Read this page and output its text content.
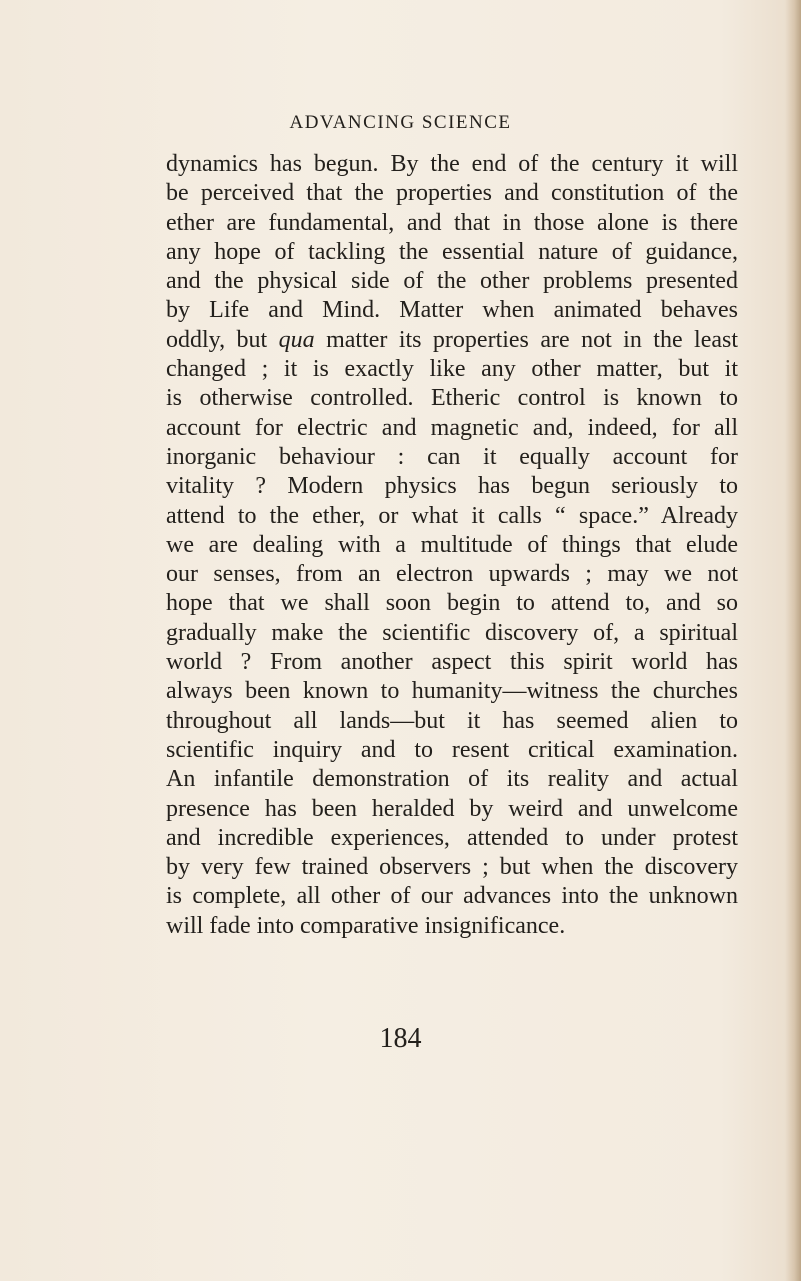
ADVANCING SCIENCE
dynamics has begun. By the end of the century it will
be perceived that the properties and constitution of the
ether are fundamental, and that in those alone is there
any hope of tackling the essential nature of guidance,
and the physical side of the other problems presented
by Life and Mind. Matter when animated behaves
oddly, but qua matter its properties are not in the least
changed ; it is exactly like any other matter, but it
is otherwise controlled. Etheric control is known to
account for electric and magnetic and, indeed, for all
inorganic behaviour : can it equally account for
vitality ? Modern physics has begun seriously to
attend to the ether, or what it calls “ space.” Already
we are dealing with a multitude of things that elude
our senses, from an electron upwards ; may we not
hope that we shall soon begin to attend to, and so
gradually make the scientific discovery of, a spiritual
world ? From another aspect this spirit world has
always been known to humanity—witness the churches
throughout all lands—but it has seemed alien to
scientific inquiry and to resent critical examination.
An infantile demonstration of its reality and actual
presence has been heralded by weird and unwelcome
and incredible experiences, attended to under protest
by very few trained observers ; but when the discovery
is complete, all other of our advances into the unknown
will fade into comparative insignificance.
184
